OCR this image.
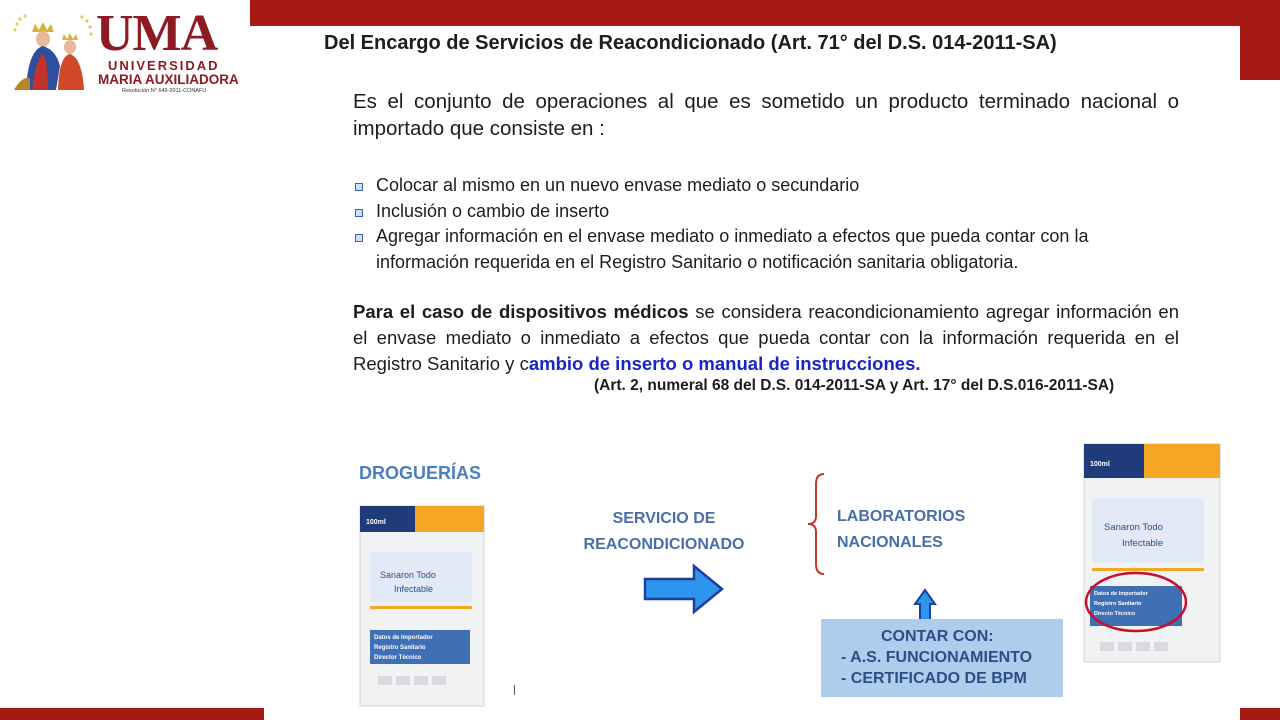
UMA
UNIVERSIDAD
MARIA AUXILIADORA
Resolución N° 649-2011-CONAFU
Del Encargo de Servicios de Reacondicionado (Art. 71° del D.S. 014-2011-SA)
Es el conjunto de operaciones al que es sometido un producto terminado nacional o importado que consiste en :
Colocar al mismo en un nuevo envase mediato o secundario
Inclusión o cambio de inserto
Agregar información en el envase mediato o inmediato a efectos que pueda contar con la información requerida en el Registro Sanitario o notificación sanitaria obligatoria.
Para el caso de dispositivos médicos se considera reacondicionamiento agregar información en el envase mediato o inmediato a efectos que pueda contar con la información requerida en el Registro Sanitario y cambio de inserto o manual de instrucciones.
(Art. 2, numeral 68 del D.S. 014-2011-SA y Art. 17° del D.S.016-2011-SA)
DROGUERÍAS
100ml
Sanaron Todo
Infectable
Datos de Importador
Registro Sanitario
Director Técnico
SERVICIO DE
REACONDICIONADO
LABORATORIOS
NACIONALES
CONTAR CON:
- A.S. FUNCIONAMIENTO
- CERTIFICADO DE BPM
100ml
Sanaron Todo
Infectable
Datos de Importador
Registro Sanitario
Directo Técnico
